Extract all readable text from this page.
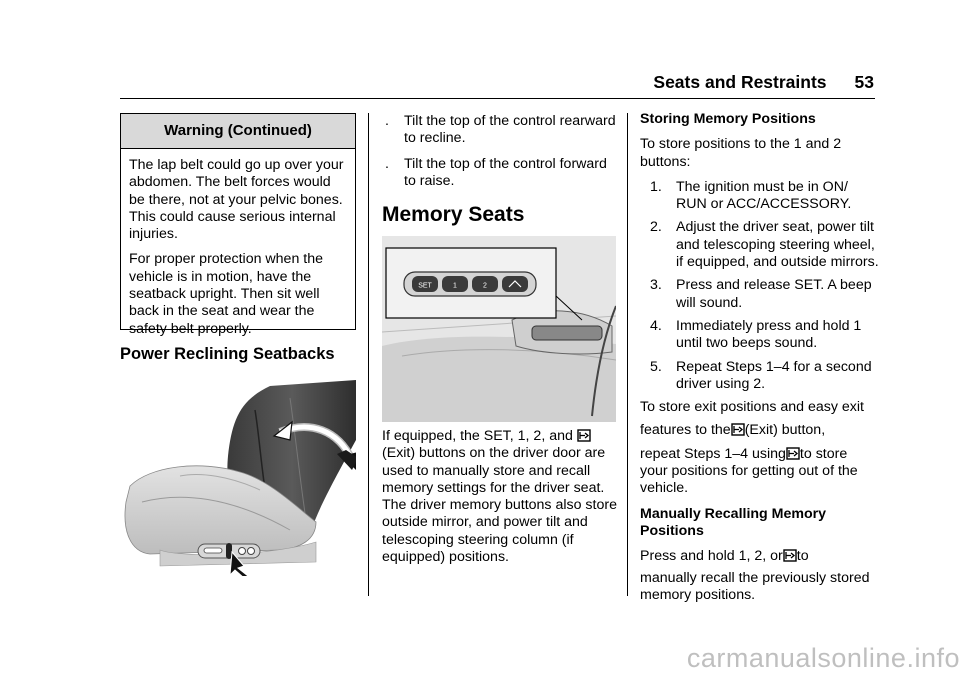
Seats and Restraints 53
Warning (Continued)

The lap belt could go up over your abdomen. The belt forces would be there, not at your pelvic bones. This could cause serious internal injuries.

For proper protection when the vehicle is in motion, have the seatback upright. Then sit well back in the seat and wear the safety belt properly.

Power Reclining Seatbacks
. Tilt the top of the control rearward to recline.
. Tilt the top of the control forward to raise.
Memory Seats
SET	1	2
If equipped, the SET, 1, 2, and  (Exit) buttons on the driver door are used to manually store and recall memory settings for the driver seat. The driver memory buttons also store outside mirror, and power tilt and telescoping steering column (if equipped) positions.

Storing Memory Positions

To store positions to the 1 and 2 buttons:

1. The ignition must be in ON/ RUN or ACC/ACCESSORY.
2. Adjust the driver seat, power tilt and telescoping steering wheel, if equipped, and outside mirrors.
3. Press and release SET. A beep will sound.
4. Immediately press and hold 1 until two beeps sound.
5. Repeat Steps 1–4 for a second driver using 2.
To store exit positions and easy exit
features to the (Exit) button,
repeat Steps 1–4 using to store

your positions for getting out of the vehicle.

Manually Recalling Memory Positions

Press and hold 1, 2, or to
manually recall the previously stored memory positions.
carmanualsonline.info
